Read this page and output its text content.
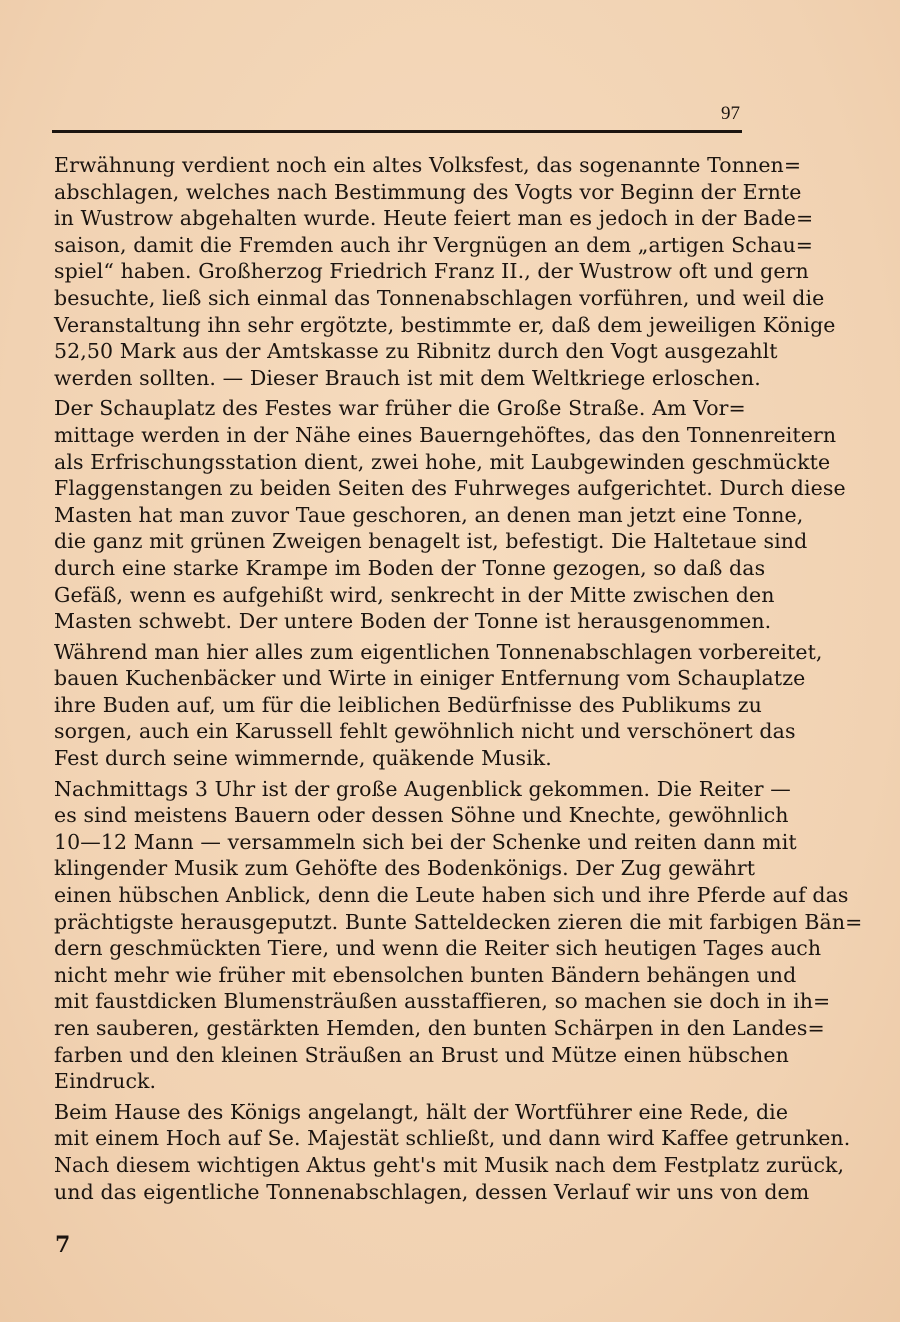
97
Erwähnung verdient noch ein altes Volksfest, das sogenannte Tonnen=
abschlagen, welches nach Bestimmung des Vogts vor Beginn der Ernte
in Wustrow abgehalten wurde. Heute feiert man es jedoch in der Bade=
saison, damit die Fremden auch ihr Vergnügen an dem „artigen Schau=
spiel“ haben. Großherzog Friedrich Franz II., der Wustrow oft und gern
besuchte, ließ sich einmal das Tonnenabschlagen vorführen, und weil die
Veranstaltung ihn sehr ergötzte, bestimmte er, daß dem jeweiligen Könige
52,50 Mark aus der Amtskasse zu Ribnitz durch den Vogt ausgezahlt
werden sollten. — Dieser Brauch ist mit dem Weltkriege erloschen.
Der Schauplatz des Festes war früher die Große Straße. Am Vor=
mittage werden in der Nähe eines Bauerngehöftes, das den Tonnenreitern
als Erfrischungsstation dient, zwei hohe, mit Laubgewinden geschmückte
Flaggenstangen zu beiden Seiten des Fuhrweges aufgerichtet. Durch diese
Masten hat man zuvor Taue geschoren, an denen man jetzt eine Tonne,
die ganz mit grünen Zweigen benagelt ist, befestigt. Die Haltetaue sind
durch eine starke Krampe im Boden der Tonne gezogen, so daß das
Gefäß, wenn es aufgehißt wird, senkrecht in der Mitte zwischen den
Masten schwebt. Der untere Boden der Tonne ist herausgenommen.
Während man hier alles zum eigentlichen Tonnenabschlagen vorbereitet,
bauen Kuchenbäcker und Wirte in einiger Entfernung vom Schauplatze
ihre Buden auf, um für die leiblichen Bedürfnisse des Publikums zu
sorgen, auch ein Karussell fehlt gewöhnlich nicht und verschönert das
Fest durch seine wimmernde, quäkende Musik.
Nachmittags 3 Uhr ist der große Augenblick gekommen. Die Reiter —
es sind meistens Bauern oder dessen Söhne und Knechte, gewöhnlich
10—12 Mann — versammeln sich bei der Schenke und reiten dann mit
klingender Musik zum Gehöfte des Bodenkönigs. Der Zug gewährt
einen hübschen Anblick, denn die Leute haben sich und ihre Pferde auf das
prächtigste herausgeputzt. Bunte Satteldecken zieren die mit farbigen Bän=
dern geschmückten Tiere, und wenn die Reiter sich heutigen Tages auch
nicht mehr wie früher mit ebensolchen bunten Bändern behängen und
mit faustdicken Blumensträußen ausstaffieren, so machen sie doch in ih=
ren sauberen, gestärkten Hemden, den bunten Schärpen in den Landes=
farben und den kleinen Sträußen an Brust und Mütze einen hübschen
Eindruck.
Beim Hause des Königs angelangt, hält der Wortführer eine Rede, die
mit einem Hoch auf Se. Majestät schließt, und dann wird Kaffee getrunken.
Nach diesem wichtigen Aktus geht's mit Musik nach dem Festplatz zurück,
und das eigentliche Tonnenabschlagen, dessen Verlauf wir uns von dem
7
